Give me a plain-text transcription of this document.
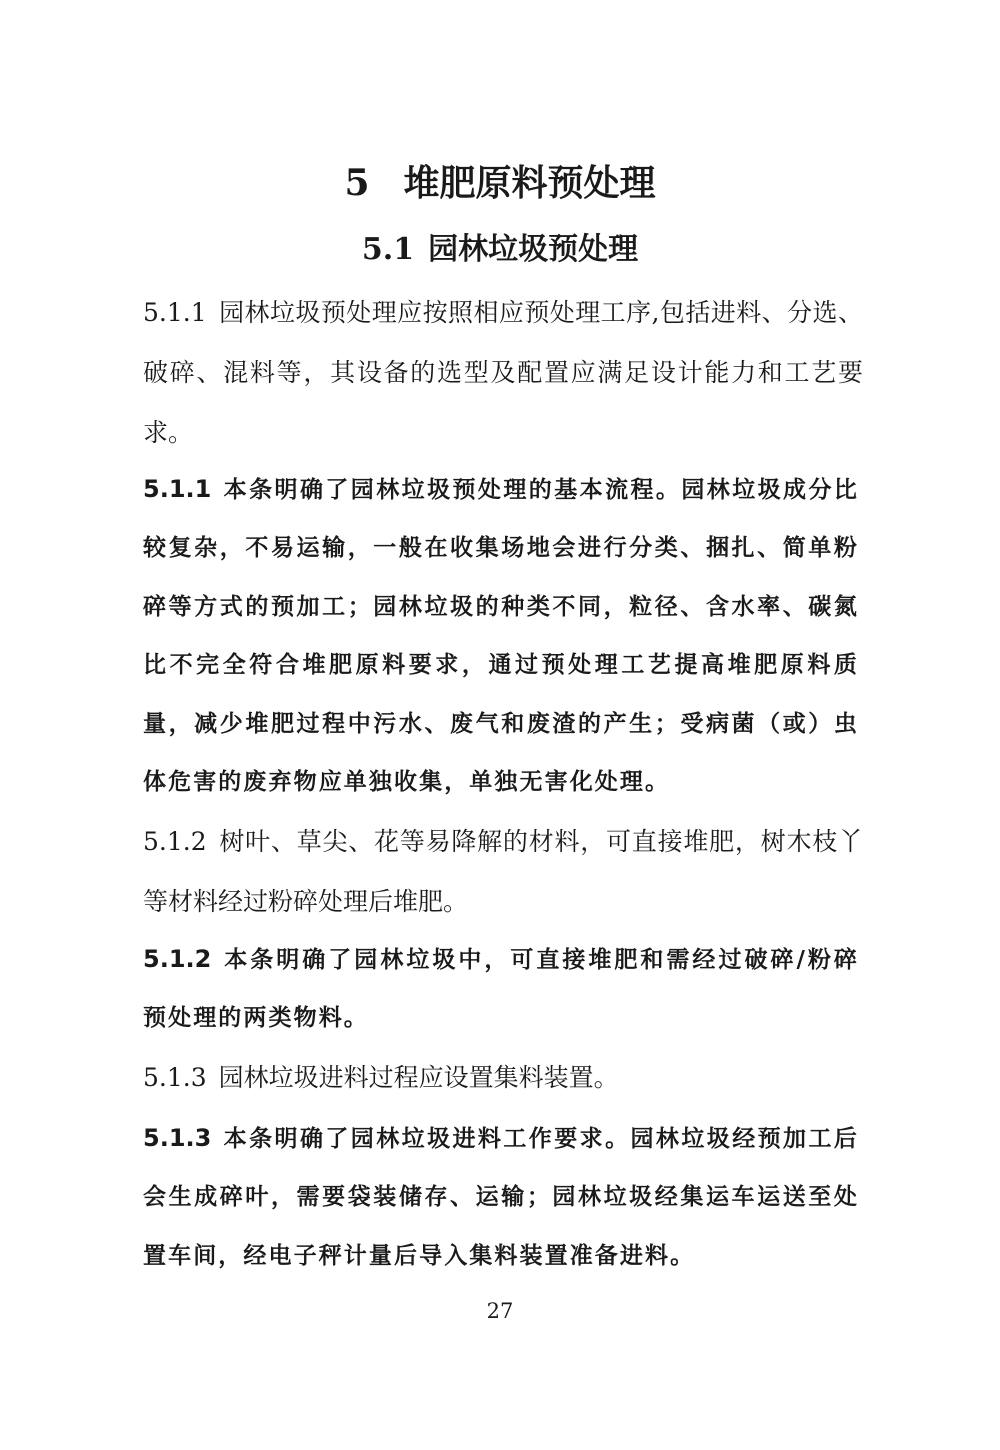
5 堆肥原料预处理
5.1 园林垃圾预处理

5.1.1 园林垃圾预处理应按照相应预处理工序,包括进料、分选、破碎、混料等，其设备的选型及配置应满足设计能力和工艺要求。

5.1.1 本条明确了园林垃圾预处理的基本流程。园林垃圾成分比较复杂，不易运输，一般在收集场地会进行分类、捆扎、简单粉碎等方式的预加工；园林垃圾的种类不同，粒径、含水率、碳氮比不完全符合堆肥原料要求，通过预处理工艺提高堆肥原料质量，减少堆肥过程中污水、废气和废渣的产生；受病菌（或）虫体危害的废弃物应单独收集，单独无害化处理。

5.1.2 树叶、草尖、花等易降解的材料，可直接堆肥，树木枝丫等材料经过粉碎处理后堆肥。

5.1.2 本条明确了园林垃圾中，可直接堆肥和需经过破碎/粉碎预处理的两类物料。

5.1.3 园林垃圾进料过程应设置集料装置。

5.1.3 本条明确了园林垃圾进料工作要求。园林垃圾经预加工后会生成碎叶，需要袋装储存、运输；园林垃圾经集运车运送至处置车间，经电子秤计量后导入集料装置准备进料。

27
